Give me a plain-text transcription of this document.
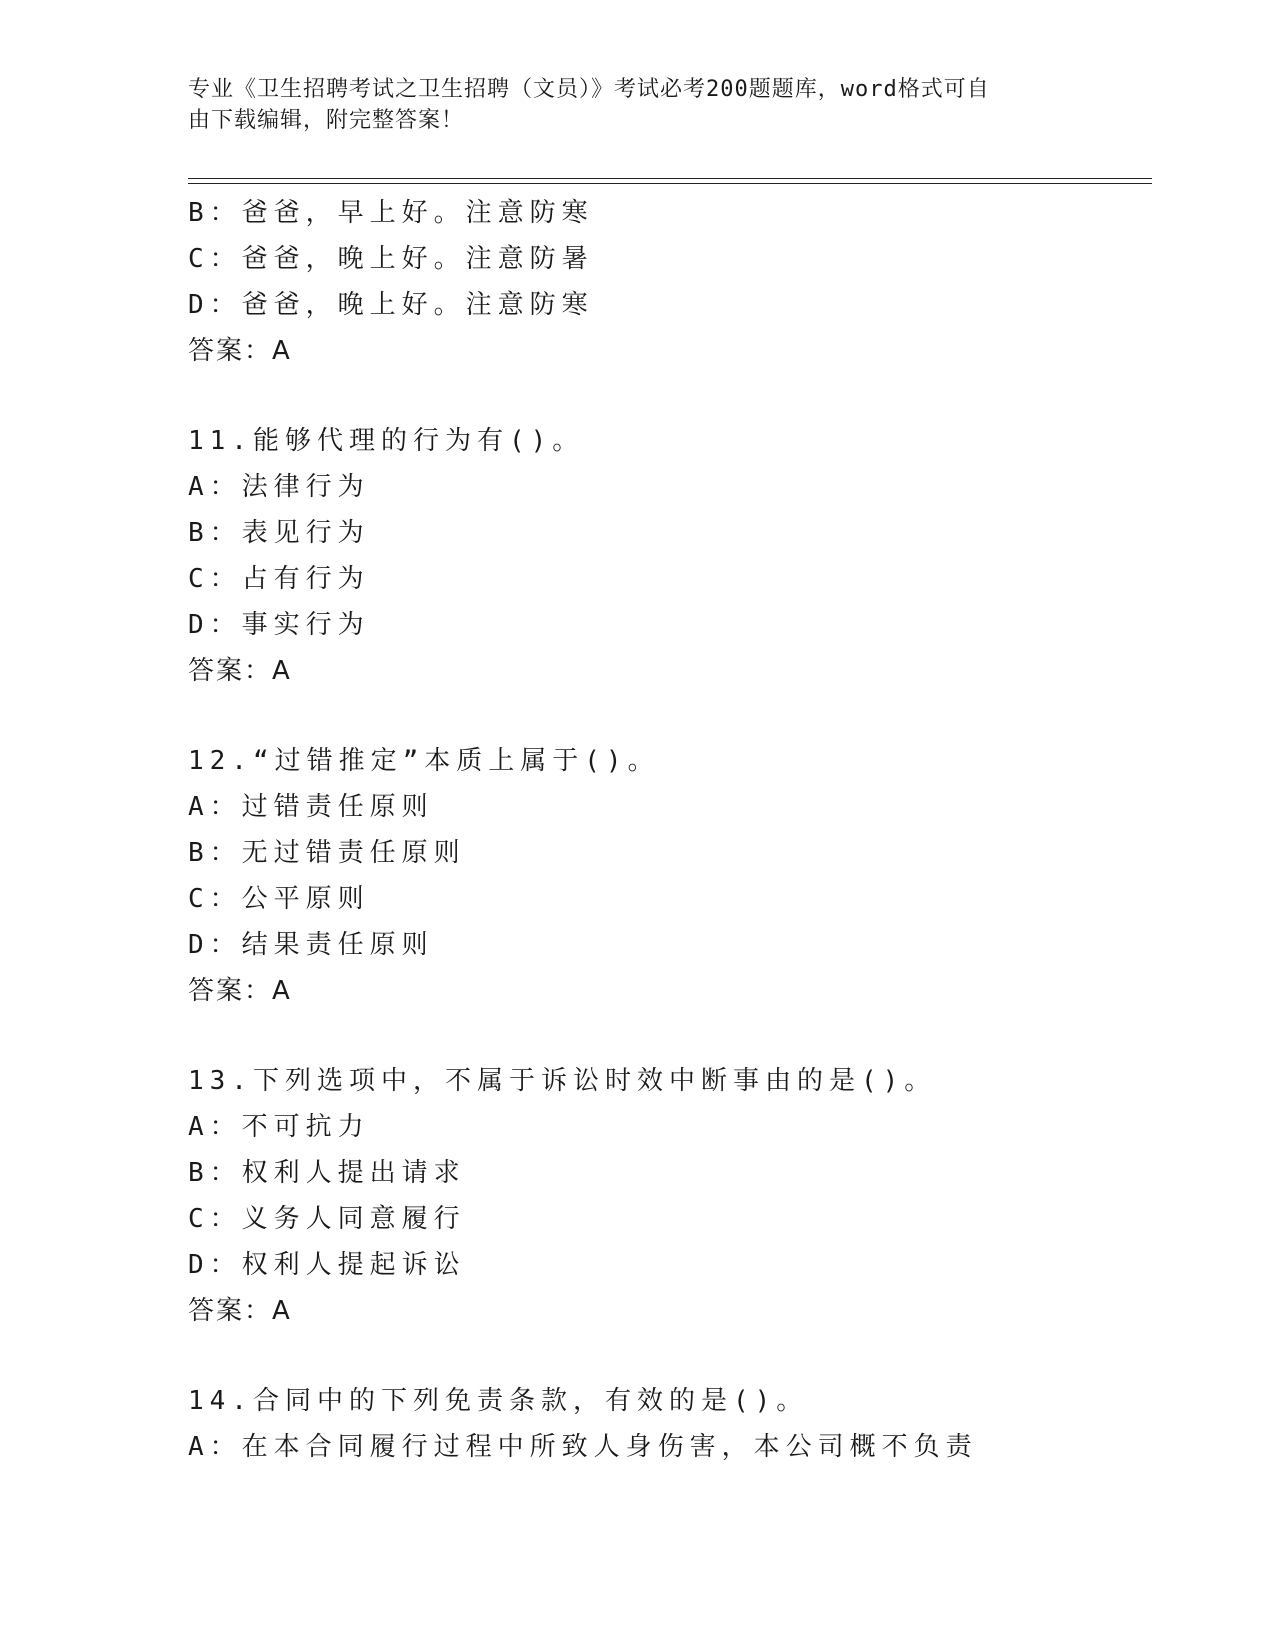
专业《卫生招聘考试之卫生招聘（文员）》考试必考200题题库，word格式可自
由下载编辑，附完整答案！
B：爸爸，早上好。注意防寒
C：爸爸，晚上好。注意防暑
D：爸爸，晚上好。注意防寒
答案：A
11.能够代理的行为有()。
A：法律行为
B：表见行为
C：占有行为
D：事实行为
答案：A
12.“过错推定”本质上属于()。
A：过错责任原则
B：无过错责任原则
C：公平原则
D：结果责任原则
答案：A
13.下列选项中，不属于诉讼时效中断事由的是()。
A：不可抗力
B：权利人提出请求
C：义务人同意履行
D：权利人提起诉讼
答案：A
14.合同中的下列免责条款，有效的是()。
A：在本合同履行过程中所致人身伤害，本公司概不负责
